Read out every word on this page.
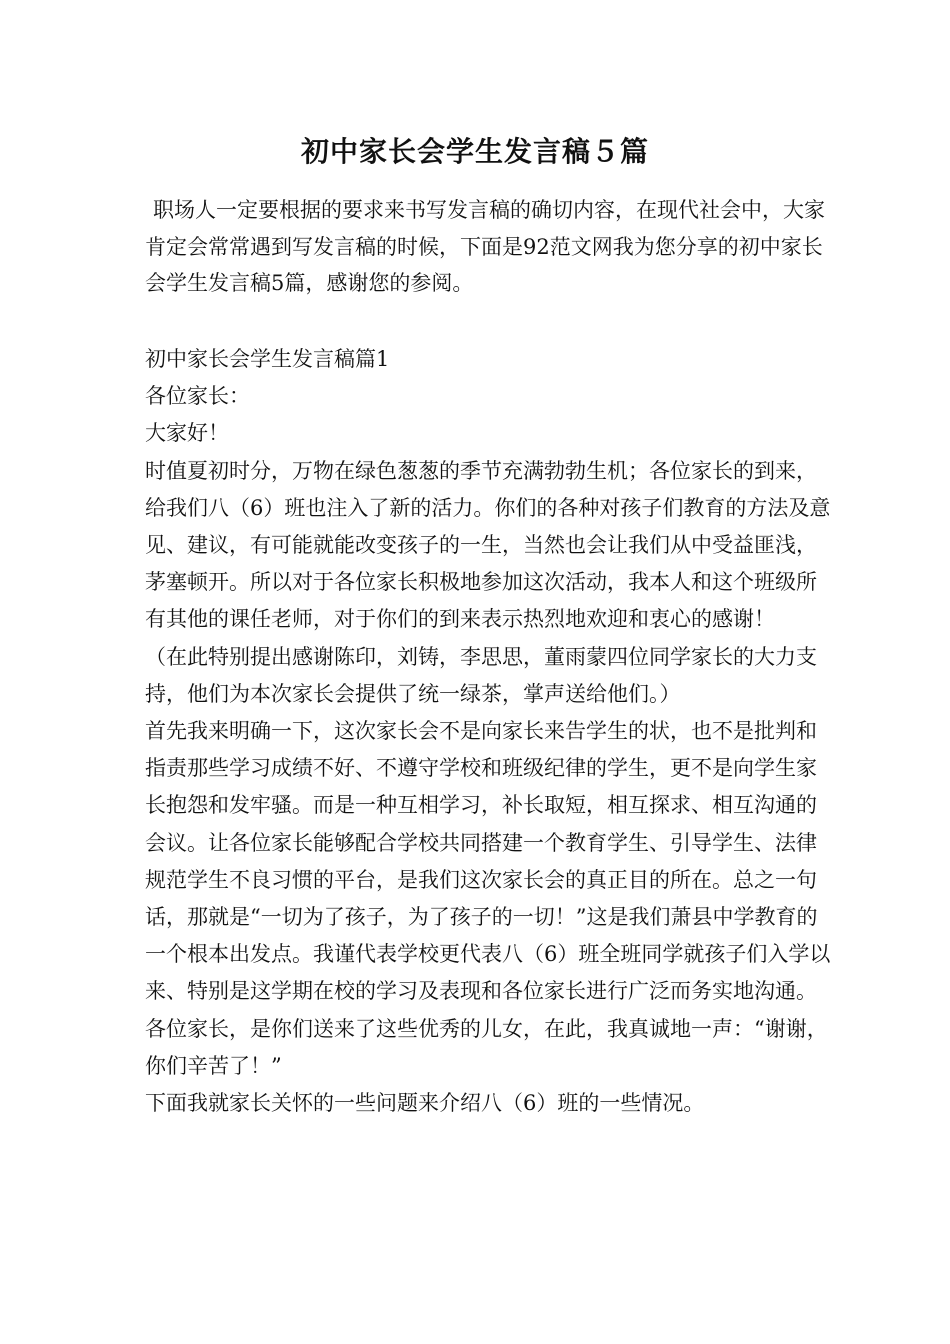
初中家长会学生发言稿５篇

职场人一定要根据的要求来书写发言稿的确切内容，在现代社会中，大家肯定会常常遇到写发言稿的时候，下面是92范文网我为您分享的初中家长会学生发言稿5篇，感谢您的参阅。

初中家长会学生发言稿篇1

各位家长：

大家好！

时值夏初时分，万物在绿色葱葱的季节充满勃勃生机；各位家长的到来，给我们八（6）班也注入了新的活力。你们的各种对孩子们教育的方法及意见、建议，有可能就能改变孩子的一生，当然也会让我们从中受益匪浅，茅塞顿开。所以对于各位家长积极地参加这次活动，我本人和这个班级所有其他的课任老师，对于你们的到来表示热烈地欢迎和衷心的感谢！

（在此特别提出感谢陈印，刘铸，李思思，董雨蒙四位同学家长的大力支持，他们为本次家长会提供了统一绿茶，掌声送给他们。）

首先我来明确一下，这次家长会不是向家长来告学生的状，也不是批判和指责那些学习成绩不好、不遵守学校和班级纪律的学生，更不是向学生家长抱怨和发牢骚。而是一种互相学习，补长取短，相互探求、相互沟通的会议。让各位家长能够配合学校共同搭建一个教育学生、引导学生、法律规范学生不良习惯的平台，是我们这次家长会的真正目的所在。总之一句话，那就是“一切为了孩子，为了孩子的一切！”这是我们萧县中学教育的一个根本出发点。我谨代表学校更代表八（6）班全班同学就孩子们入学以来、特别是这学期在校的学习及表现和各位家长进行广泛而务实地沟通。各位家长，是你们送来了这些优秀的儿女，在此，我真诚地一声：“谢谢，你们辛苦了！”

下面我就家长关怀的一些问题来介绍八（6）班的一些情况。
